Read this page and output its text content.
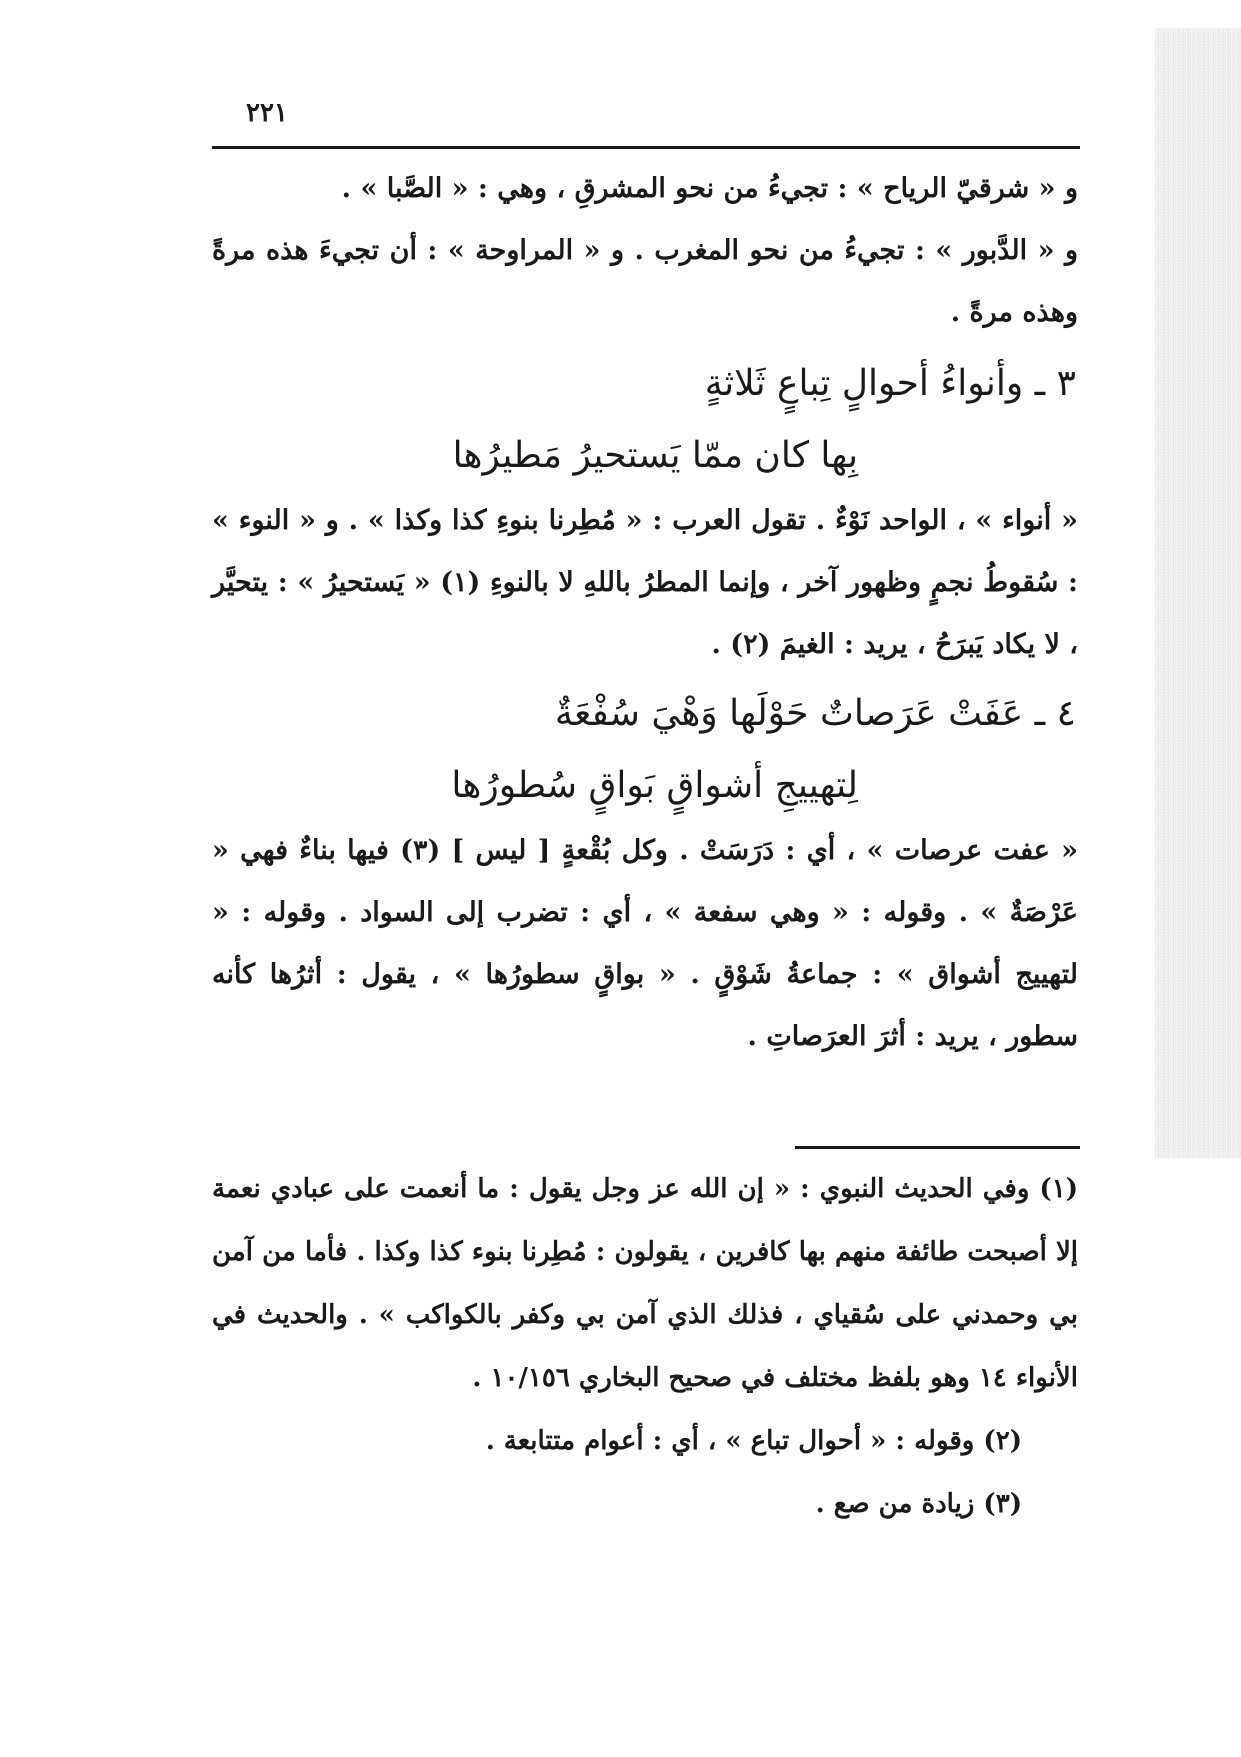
٢٢١

و « شرقيّ الرياح » : تجيءُ من نحو المشرقِ ، وهي : « الصَّبا » .

و « الدَّبور » : تجيءُ من نحو المغرب . و « المراوحة » : أن تجيءَ هذه مرةً وهذه مرةً .

٣ ـ وأنواءُ أحوالٍ تِباعٍ ثَلاثةٍ

بِها كان ممّا يَستحيرُ مَطيرُها

« أنواء » ، الواحد نَوْءٌ . تقول العرب : « مُطِرنا بنوءِ كذا وكذا » . و « النوء » : سُقوطُ نجمٍ وظهور آخر ، وإنما المطرُ باللهِ لا بالنوءِ (١) « يَستحيرُ » : يتحيَّر ، لا يكاد يَبرَحُ ، يريد : الغيمَ (٢) .

٤ ـ عَفَتْ عَرَصاتٌ حَوْلَها وَهْيَ سُفْعَةٌ

لِتهييجِ أشواقٍ بَواقٍ سُطورُها

« عفت عرصات » ، أي : دَرَسَتْ . وكل بُقْعةٍ [ ليس ] (٣) فيها بناءٌ فهي « عَرْصَةٌ » . وقوله : « وهي سفعة » ، أي : تضرب إلى السواد . وقوله : « لتهييج أشواق » : جماعةُ شَوْقٍ . « بواقٍ سطورُها » ، يقول : أثرُها كأنه سطور ، يريد : أثرَ العرَصاتِ .

(١) وفي الحديث النبوي : « إن الله عز وجل يقول : ما أنعمت على عبادي نعمة إلا أصبحت طائفة منهم بها كافرين ، يقولون : مُطِرنا بنوء كذا وكذا . فأما من آمن بي وحمدني على سُقياي ، فذلك الذي آمن بي وكفر بالكواكب » . والحديث في الأنواء ١٤ وهو بلفظ مختلف في صحيح البخاري ١٠/١٥٦ .

(٢) وقوله : « أحوال تباع » ، أي : أعوام متتابعة .

(٣) زيادة من صع .
